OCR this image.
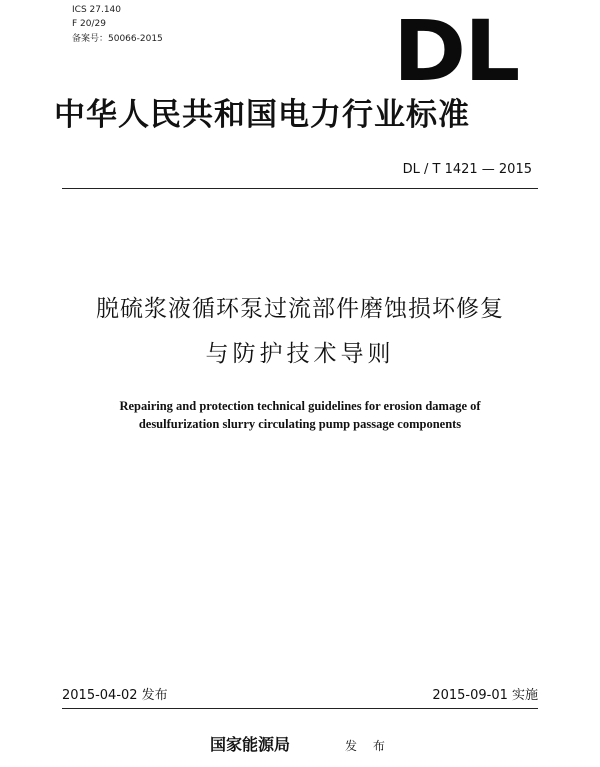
ICS 27.140
F 20/29
备案号：50066-2015	DL
中华人民共和国电力行业标准
DL / T 1421 — 2015
脱硫浆液循环泵过流部件磨蚀损坏修复
与防护技术导则
Repairing and protection technical guidelines for erosion damage of
desulfurization slurry circulating pump passage components
2015-04-02 发布	2015-09-01 实施
国家能源局	发 布
